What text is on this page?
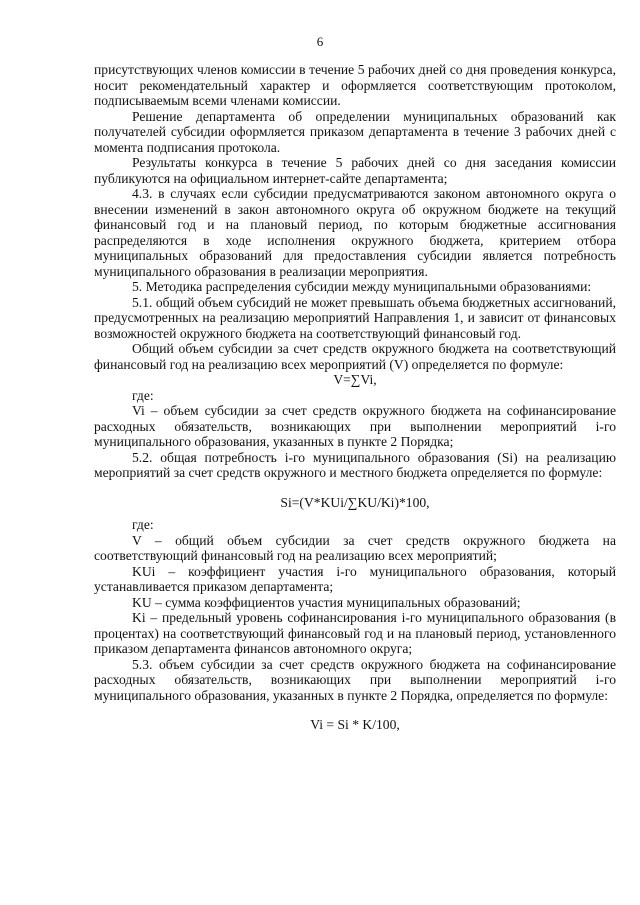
6

присутствующих членов комиссии в течение 5 рабочих дней со дня проведения конкурса, носит рекомендательный характер и оформляется соответствующим протоколом, подписываемым всеми членами комиссии.

Решение департамента об определении муниципальных образований как получателей субсидии оформляется приказом департамента в течение 3 рабочих дней с момента подписания протокола.

Результаты конкурса в течение 5 рабочих дней со дня заседания комиссии публикуются на официальном интернет-сайте департамента;

4.3. в случаях если субсидии предусматриваются законом автономного округа о внесении изменений в закон автономного округа об окружном бюджете на текущий финансовый год и на плановый период, по которым бюджетные ассигнования распределяются в ходе исполнения окружного бюджета, критерием отбора муниципальных образований для предоставления субсидии является потребность муниципального образования в реализации мероприятия.

5. Методика распределения субсидии между муниципальными образованиями:

5.1. общий объем субсидий не может превышать объема бюджетных ассигнований, предусмотренных на реализацию мероприятий Направления 1, и зависит от финансовых возможностей окружного бюджета на соответствующий финансовый год.

Общий объем субсидии за счет средств окружного бюджета на соответствующий финансовый год на реализацию всех мероприятий (V) определяется по формуле:

V=∑Vi,

где:

Vi – объем субсидии за счет средств окружного бюджета на софинансирование расходных обязательств, возникающих при выполнении мероприятий i-го муниципального образования, указанных в пункте 2 Порядка;

5.2. общая потребность i-го муниципального образования (Si) на реализацию мероприятий за счет средств окружного и местного бюджета определяется по формуле:

Si=(V*KUi/∑KU/Ki)*100,

где:

V – общий объем субсидии за счет средств окружного бюджета на соответствующий финансовый год на реализацию всех мероприятий;

KUi – коэффициент участия i-го муниципального образования, который устанавливается приказом департамента;

KU – сумма коэффициентов участия муниципальных образований;

Ki – предельный уровень софинансирования i-го муниципального образования (в процентах) на соответствующий финансовый год и на плановый период, установленного приказом департамента финансов автономного округа;

5.3. объем субсидии за счет средств окружного бюджета на софинансирование расходных обязательств, возникающих при выполнении мероприятий i-го муниципального образования, указанных в пункте 2 Порядка, определяется по формуле:

Vi = Si * K/100,
